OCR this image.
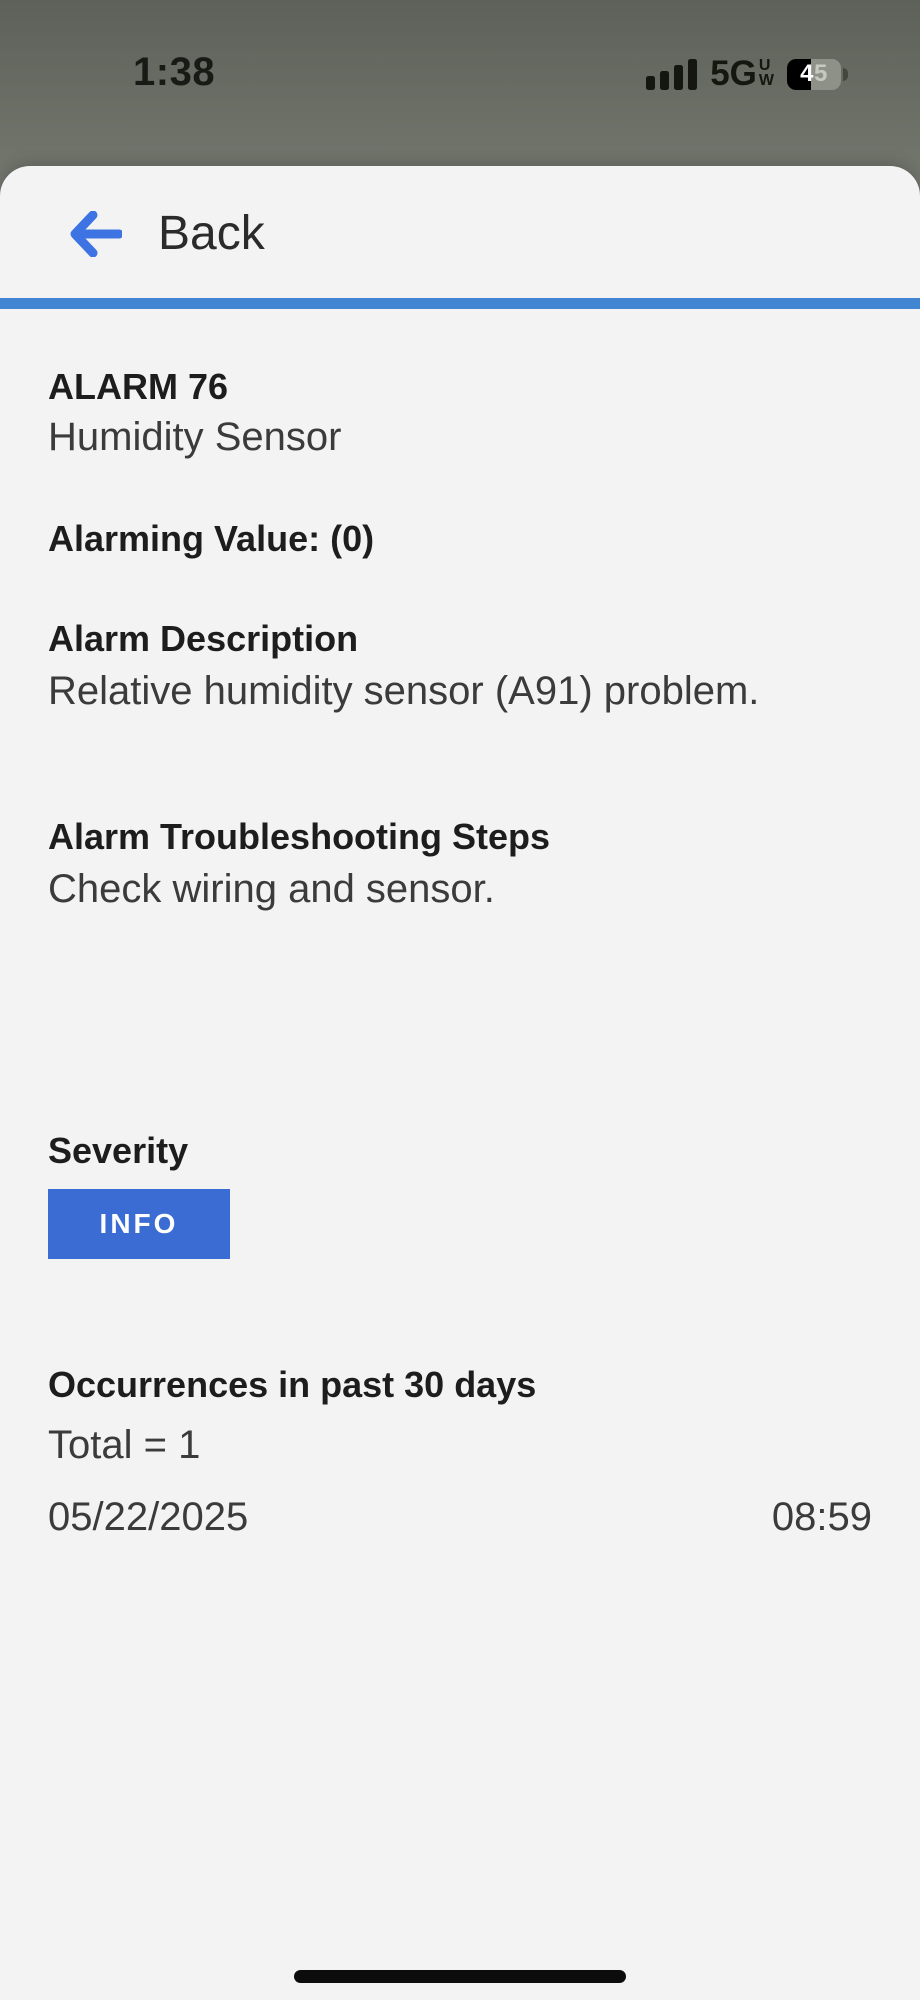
1:38	5G U
W 4 5
Back
ALARM 76
Humidity Sensor
Alarming Value: (0)
Alarm Description
Relative humidity sensor (A91) problem.
Alarm Troubleshooting Steps
Check wiring and sensor.
Severity
INFO
Occurrences in past 30 days
Total = 1
05/22/2025	08:59
